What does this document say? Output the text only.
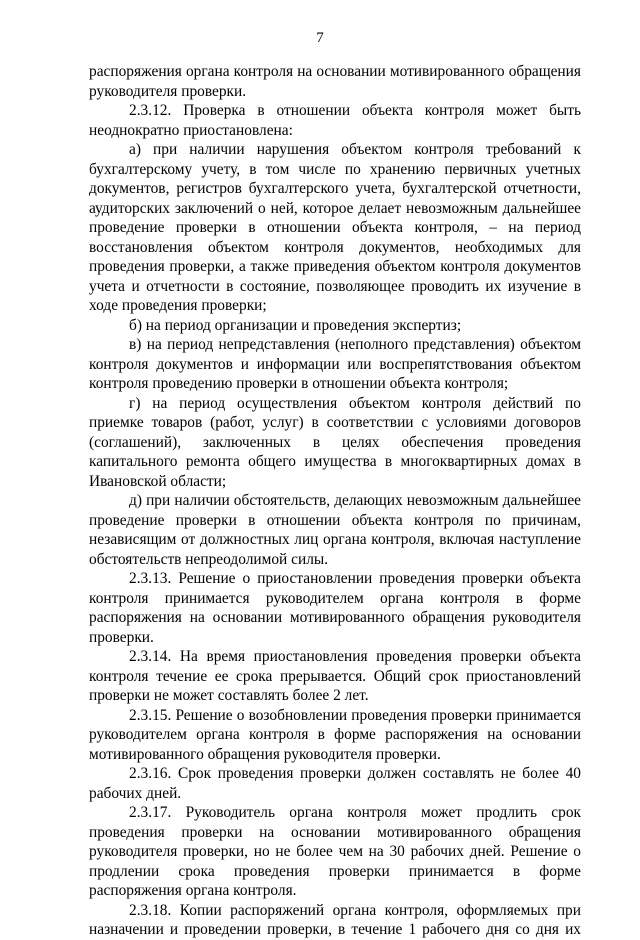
7

распоряжения органа контроля на основании мотивированного обращения руководителя проверки.

2.3.12. Проверка в отношении объекта контроля может быть неоднократно приостановлена:

а) при наличии нарушения объектом контроля требований к бухгалтерскому учету, в том числе по хранению первичных учетных документов, регистров бухгалтерского учета, бухгалтерской отчетности, аудиторских заключений о ней, которое делает невозможным дальнейшее проведение проверки в отношении объекта контроля, – на период восстановления объектом контроля документов, необходимых для проведения проверки, а также приведения объектом контроля документов учета и отчетности в состояние, позволяющее проводить их изучение в ходе проведения проверки;

б) на период организации и проведения экспертиз;

в) на период непредставления (неполного представления) объектом контроля документов и информации или воспрепятствования объектом контроля проведению проверки в отношении объекта контроля;

г) на период осуществления объектом контроля действий по приемке товаров (работ, услуг) в соответствии с условиями договоров (соглашений), заключенных в целях обеспечения проведения капитального ремонта общего имущества в многоквартирных домах в Ивановской области;

д) при наличии обстоятельств, делающих невозможным дальнейшее проведение проверки в отношении объекта контроля по причинам, независящим от должностных лиц органа контроля, включая наступление обстоятельств непреодолимой силы.

2.3.13. Решение о приостановлении проведения проверки объекта контроля принимается руководителем органа контроля в форме распоряжения на основании мотивированного обращения руководителя проверки.

2.3.14. На время приостановления проведения проверки объекта контроля течение ее срока прерывается. Общий срок приостановлений проверки не может составлять более 2 лет.

2.3.15. Решение о возобновлении проведения проверки принимается руководителем органа контроля в форме распоряжения на основании мотивированного обращения руководителя проверки.

2.3.16. Срок проведения проверки должен составлять не более 40 рабочих дней.

2.3.17. Руководитель органа контроля может продлить срок проведения проверки на основании мотивированного обращения руководителя проверки, но не более чем на 30 рабочих дней. Решение о продлении срока проведения проверки принимается в форме распоряжения органа контроля.

2.3.18. Копии распоряжений органа контроля, оформляемых при назначении и проведении проверки, в течение 1 рабочего дня со дня их
